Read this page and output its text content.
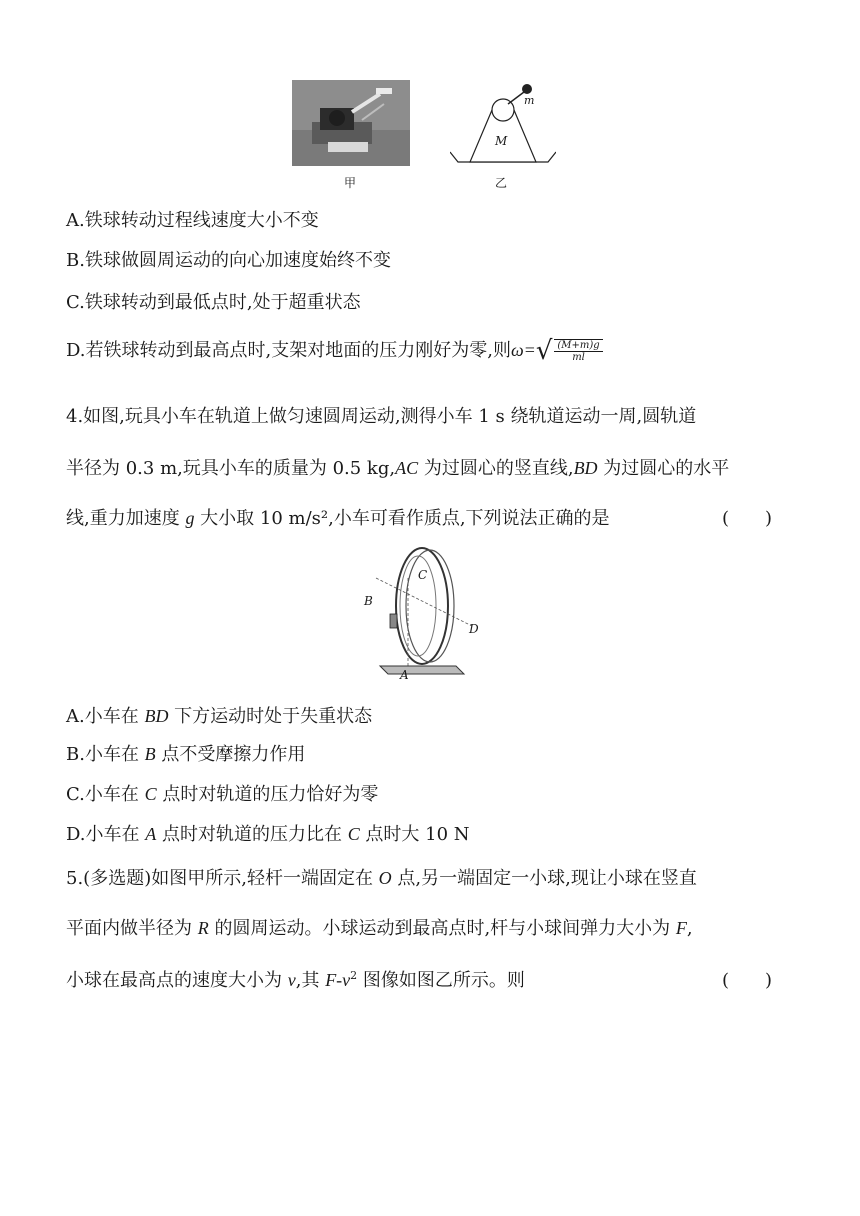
甲
m
M
乙
A.铁球转动过程线速度大小不变
B.铁球做圆周运动的向心加速度始终不变
C.铁球转动到最低点时,处于超重状态
D.若铁球转动到最高点时,支架对地面的压力刚好为零,则$\omega=√ \frac{(M+m)g}{ml}$
4.如图,玩具小车在轨道上做匀速圆周运动,测得小车 1 s 绕轨道运动一周,圆轨道
半径为 0.3 m,玩具小车的质量为 0.5 kg,AC 为过圆心的竖直线,BD 为过圆心的水平
线,重力加速度 g 大小取 10 m/s²,小车可看作质点,下列说法正确的是	(　　)
C
B
D
A
A.小车在 BD 下方运动时处于失重状态
B.小车在 B 点不受摩擦力作用
C.小车在 C 点时对轨道的压力恰好为零
D.小车在 A 点时对轨道的压力比在 C 点时大 10 N
5.(多选题)如图甲所示,轻杆一端固定在 O 点,另一端固定一小球,现让小球在竖直
平面内做半径为 R 的圆周运动。小球运动到最高点时,杆与小球间弹力大小为 F,
小球在最高点的速度大小为 v,其 $F-v^2$ 图像如图乙所示。则	(　　)
